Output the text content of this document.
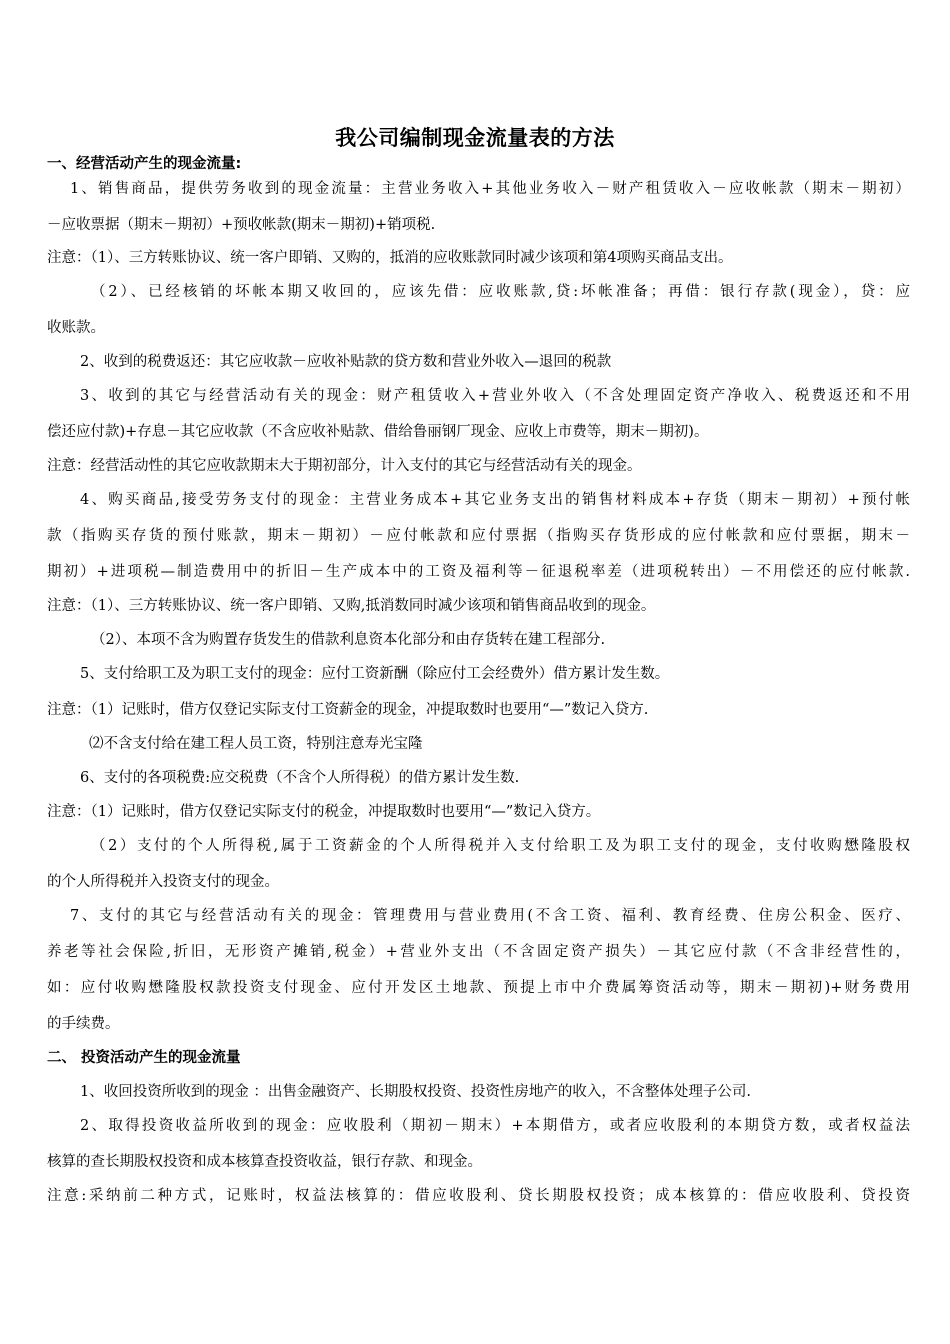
我公司编制现金流量表的方法
一、经营活动产生的现金流量:
1、销售商品，提供劳务收到的现金流量：主营业务收入+其他业务收入－财产租赁收入－应收帐款（期末－期初）
－应收票据（期末－期初）+预收帐款(期末－期初)+销项税.
注意：（1）、三方转账协议、统一客户即销、又购的，抵消的应收账款同时减少该项和第4项购买商品支出。
（2）、已经核销的坏帐本期又收回的，应该先借：应收账款,贷:坏帐准备；再借：银行存款(现金），贷：应
收账款。
2、收到的税费返还：其它应收款－应收补贴款的贷方数和营业外收入—退回的税款
3、收到的其它与经营活动有关的现金：财产租赁收入+营业外收入（不含处理固定资产净收入、税费返还和不用
偿还应付款)+存息－其它应收款（不含应收补贴款、借给鲁丽钢厂现金、应收上市费等，期末－期初)。
注意：经营活动性的其它应收款期末大于期初部分，计入支付的其它与经营活动有关的现金。
4、购买商品,接受劳务支付的现金：主营业务成本+其它业务支出的销售材料成本+存货（期末－期初）+预付帐
款（指购买存货的预付账款，期末－期初）－应付帐款和应付票据（指购买存货形成的应付帐款和应付票据，期末－
期初）+进项税—制造费用中的折旧－生产成本中的工资及福利等－征退税率差（进项税转出）－不用偿还的应付帐款.
注意：（1）、三方转账协议、统一客户即销、又购,抵消数同时减少该项和销售商品收到的现金。
（2）、本项不含为购置存货发生的借款利息资本化部分和由存货转在建工程部分.
5、支付给职工及为职工支付的现金：应付工资新酬（除应付工会经费外）借方累计发生数。
注意：（1）记账时，借方仅登记实际支付工资薪金的现金，冲提取数时也要用“—”数记入贷方.
⑵不含支付给在建工程人员工资，特别注意寿光宝隆
6、支付的各项税费:应交税费（不含个人所得税）的借方累计发生数.
注意：（1）记账时，借方仅登记实际支付的税金，冲提取数时也要用“—”数记入贷方。
（2）支付的个人所得税,属于工资薪金的个人所得税并入支付给职工及为职工支付的现金，支付收购懋隆股权
的个人所得税并入投资支付的现金。
7、支付的其它与经营活动有关的现金：管理费用与营业费用(不含工资、福利、教育经费、住房公积金、医疗、
养老等社会保险,折旧，无形资产摊销,税金）+营业外支出（不含固定资产损失）－其它应付款（不含非经营性的，
如：应付收购懋隆股权款投资支付现金、应付开发区土地款、预提上市中介费属筹资活动等，期末－期初)+财务费用
的手续费。
二、 投资活动产生的现金流量
1、收回投资所收到的现金 ：出售金融资产、长期股权投资、投资性房地产的收入，不含整体处理子公司.
2、取得投资收益所收到的现金：应收股利（期初－期末）+本期借方，或者应收股利的本期贷方数，或者权益法
核算的查长期股权投资和成本核算查投资收益，银行存款、和现金。
注意:采纳前二种方式，记账时，权益法核算的：借应收股利、贷长期股权投资；成本核算的：借应收股利、贷投资
